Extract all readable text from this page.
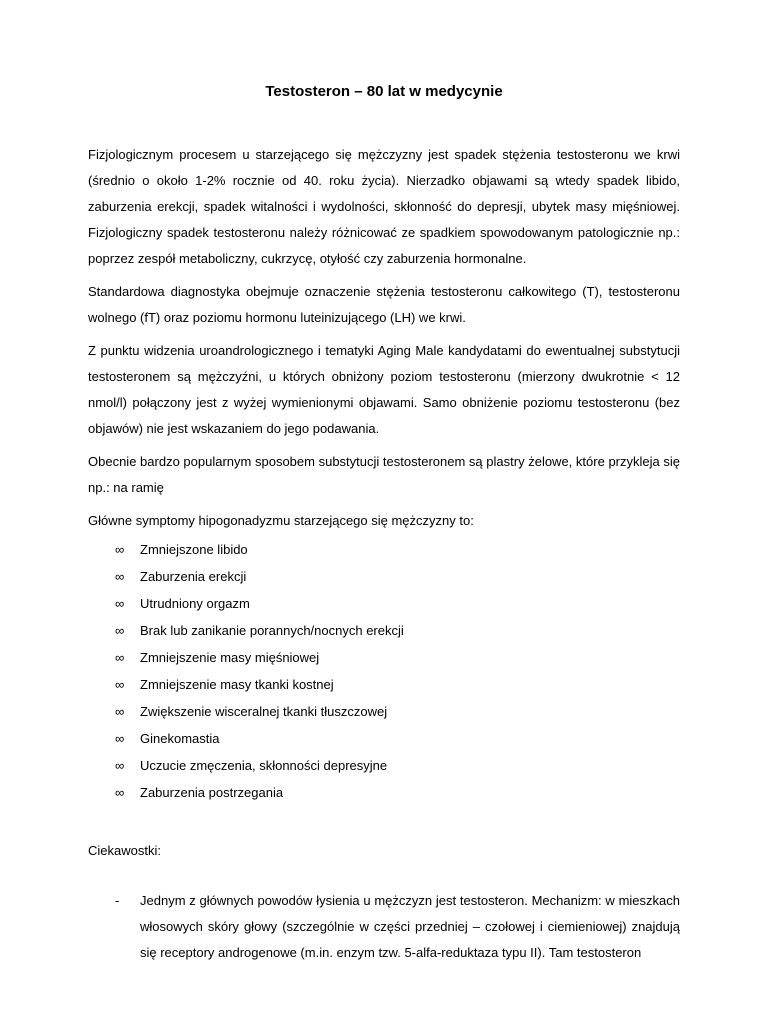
Testosteron – 80 lat w medycynie

Fizjologicznym procesem u starzejącego się mężczyzny jest spadek stężenia testosteronu we krwi (średnio o około 1-2% rocznie od 40. roku życia). Nierzadko objawami są wtedy spadek libido, zaburzenia erekcji, spadek witalności i wydolności, skłonność do depresji, ubytek masy mięśniowej. Fizjologiczny spadek testosteronu należy różnicować ze spadkiem spowodowanym patologicznie np.: poprzez zespół metaboliczny, cukrzycę, otyłość czy zaburzenia hormonalne.

Standardowa diagnostyka obejmuje oznaczenie stężenia testosteronu całkowitego (T), testosteronu wolnego (fT) oraz poziomu hormonu luteinizującego (LH) we krwi.

Z punktu widzenia uroandrologicznego i tematyki Aging Male kandydatami do ewentualnej substytucji testosteronem są mężczyźni, u których obniżony poziom testosteronu (mierzony dwukrotnie < 12 nmol/l) połączony jest z wyżej wymienionymi objawami. Samo obniżenie poziomu testosteronu (bez objawów) nie jest wskazaniem do jego podawania.

Obecnie bardzo popularnym sposobem substytucji testosteronem są plastry żelowe, które przykleja się np.: na ramię

Główne symptomy hipogonadyzmu starzejącego się mężczyzny to:

∞ Zmniejszone libido
∞ Zaburzenia erekcji
∞ Utrudniony orgazm
∞ Brak lub zanikanie porannych/nocnych erekcji
∞ Zmniejszenie masy mięśniowej
∞ Zmniejszenie masy tkanki kostnej
∞ Zwiększenie wisceralnej tkanki tłuszczowej
∞ Ginekomastia
∞ Uczucie zmęczenia, skłonności depresyjne
∞ Zaburzenia postrzegania

Ciekawostki:

- Jednym z głównych powodów łysienia u mężczyzn jest testosteron. Mechanizm: w mieszkach włosowych skóry głowy (szczególnie w części przedniej – czołowej i ciemieniowej) znajdują się receptory androgenowe (m.in. enzym tzw. 5-alfa-reduktaza typu II). Tam testosteron
